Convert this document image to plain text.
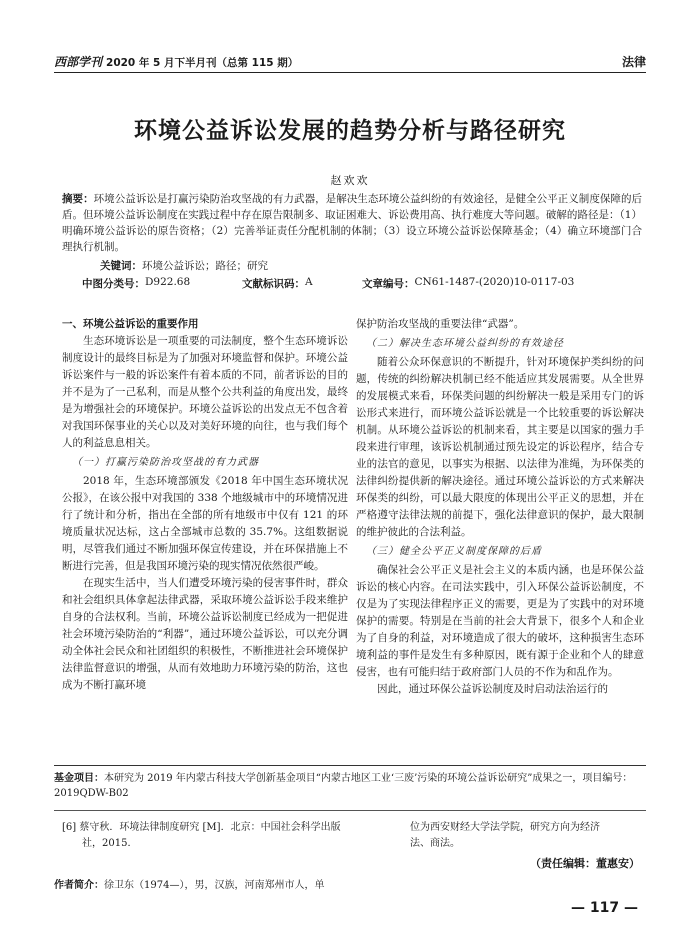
西部学刊 2020 年 5 月下半月刊（总第 115 期）	法律
环境公益诉讼发展的趋势分析与路径研究
赵欢欢
摘要：环境公益诉讼是打赢污染防治攻坚战的有力武器，是解决生态环境公益纠纷的有效途径，是健全公平正义制度保障的后盾。但环境公益诉讼制度在实践过程中存在原告限制多、取证困难大、诉讼费用高、执行难度大等问题。破解的路径是：（1）明确环境公益诉讼的原告资格；（2）完善举证责任分配机制的体制；（3）设立环境公益诉讼保障基金；（4）确立环境部门合理执行机制。
关键词：环境公益诉讼；路径；研究
中图分类号： D922.68	文献标识码： A	文章编号： CN61-1487-(2020)10-0117-03
一、环境公益诉讼的重要作用

生态环境诉讼是一项重要的司法制度，整个生态环境诉讼制度设计的最终目标是为了加强对环境监督和保护。环境公益诉讼案件与一般的诉讼案件有着本质的不同，前者诉讼的目的并不是为了一己私利，而是从整个公共利益的角度出发，最终是为增强社会的环境保护。环境公益诉讼的出发点无不包含着对我国环保事业的关心以及对美好环境的向往，也与我们每个人的利益息息相关。

（一）打赢污染防治攻坚战的有力武器

2018 年，生态环境部颁发《2018 年中国生态环境状况公报》，在该公报中对我国的 338 个地级城市中的环境情况进行了统计和分析，指出在全部的所有地级市中仅有 121 的环境质量状况达标，这占全部城市总数的 35.7%。这组数据说明，尽管我们通过不断加强环保宣传建设，并在环保措施上不断进行完善，但是我国环境污染的现实情况依然很严峻。

在现实生活中，当人们遭受环境污染的侵害事件时，群众和社会组织具体拿起法律武器，采取环境公益诉讼手段来维护自身的合法权利。当前，环境公益诉讼制度已经成为一把促进社会环境污染防治的“利器”，通过环境公益诉讼，可以充分调动全体社会民众和社团组织的积极性，不断推进社会环境保护法律监督意识的增强，从而有效地助力环境污染的防治，这也成为不断打赢环境

保护防治攻坚战的重要法律“武器”。

（二）解决生态环境公益纠纷的有效途径

随着公众环保意识的不断提升，针对环境保护类纠纷的问题，传统的纠纷解决机制已经不能适应其发展需要。从全世界的发展模式来看，环保类问题的纠纷解决一般是采用专门的诉讼形式来进行，而环境公益诉讼就是一个比较重要的诉讼解决机制。从环境公益诉讼的机制来看，其主要是以国家的强力手段来进行审理，该诉讼机制通过预先设定的诉讼程序，结合专业的法官的意见，以事实为根据、以法律为准绳，为环保类的法律纠纷提供新的解决途径。通过环境公益诉讼的方式来解决环保类的纠纷，可以最大限度的体现出公平正义的思想，并在严格遵守法律法规的前提下，强化法律意识的保护，最大限制的维护彼此的合法利益。

（三）健全公平正义制度保障的后盾

确保社会公平正义是社会主义的本质内涵，也是环保公益诉讼的核心内容。在司法实践中，引入环保公益诉讼制度，不仅是为了实现法律程序正义的需要，更是为了实践中的对环境保护的需要。特别是在当前的社会大背景下，很多个人和企业为了自身的利益，对环境造成了很大的破坏，这种损害生态环境利益的事件是发生有多种原因，既有源于企业和个人的肆意侵害，也有可能归结于政府部门人员的不作为和乱作为。

因此，通过环保公益诉讼制度及时启动法治运行的

基金项目：本研究为 2019 年内蒙古科技大学创新基金项目“内蒙古地区工业‘三废’污染的环境公益诉讼研究”成果之一，项目编号：2019QDW-B02
[6] 蔡守秋．环境法律制度研究 [M]．北京：中国社会科学出版
社，2015．
位为西安财经大学法学院，研究方向为经济
法、商法。
（责任编辑：董惠安）
作者简介：徐卫东（1974—），男，汉族，河南郑州市人，单
— 117 —
